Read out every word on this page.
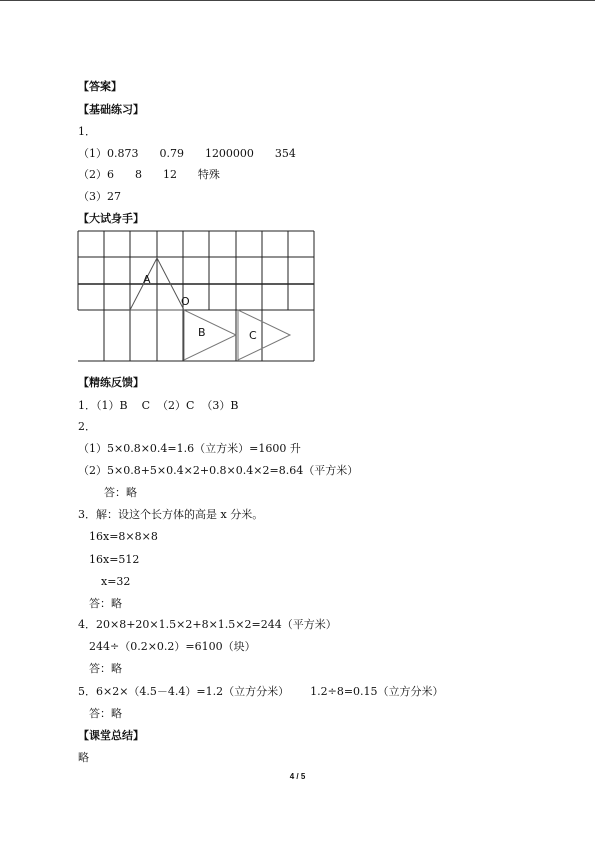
【答案】
【基础练习】
1．
（1）0.873      0.79      1200000      354
（2）6      8      12      特殊
（3）27
【大试身手】
A
O
B	C
【精练反馈】
1．（1）B    C  （2）C  （3）B
2．
（1）5×0.8×0.4=1.6（立方米）=1600 升
（2）5×0.8+5×0.4×2+0.8×0.4×2=8.64（平方米）
答：略
3．解：设这个长方体的高是 x 分米。
16x=8×8×8
16x=512
x=32
答：略
4．20×8+20×1.5×2+8×1.5×2=244（平方米）
244÷（0.2×0.2）=6100（块）
答：略
5．6×2×（4.5－4.4）=1.2（立方分米）      1.2÷8=0.15（立方分米）
答：略
【课堂总结】
略
4 / 5
